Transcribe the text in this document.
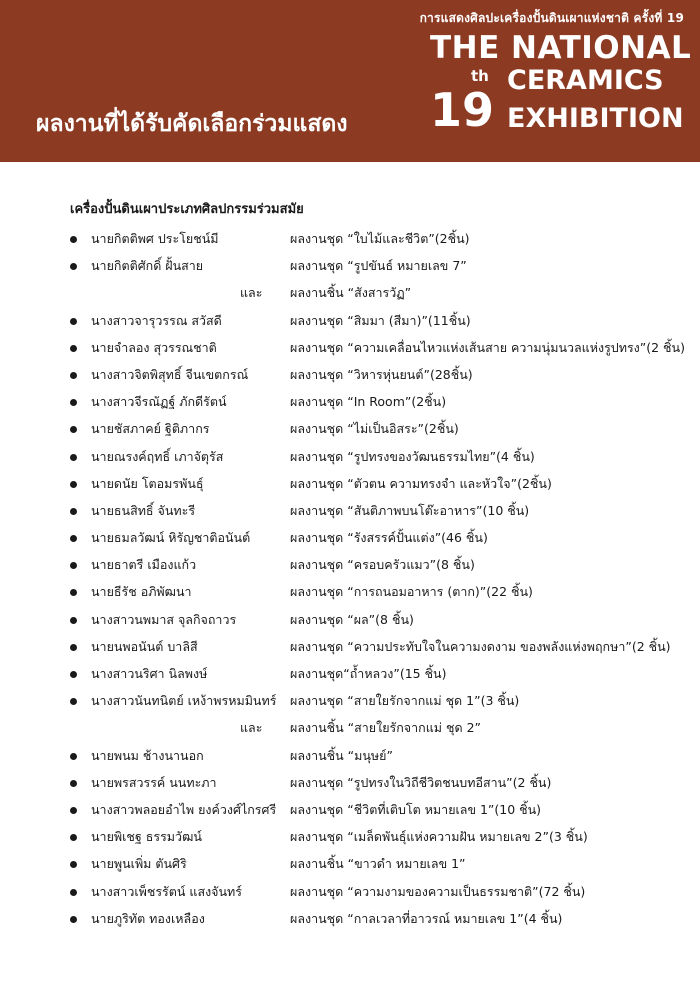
การแสดงศิลปะเครื่องปั้นดินเผาแห่งชาติ ครั้งที่ 19
ผลงานที่ได้รับคัดเลือกร่วมแสดง
THE NATIONAL
th
19
CERAMICS
EXHIBITION
เครื่องปั้นดินเผาประเภทศิลปกรรมร่วมสมัย
นายกิตติพศ ประโยชน์มี	ผลงานชุด “ใบไม้และชีวิต”(2ชิ้น)
นายกิตติศักดิ์ ฝั้นสาย	ผลงานชุด “รูปขันธ์ หมายเลข 7”
และ ผลงานชิ้น “สังสารวัฏ”
นางสาวจารุวรรณ สวัสดี	ผลงานชุด “สิมมา (สีมา)”(11ชิ้น)
นายจำลอง สุวรรณชาติ	ผลงานชุด “ความเคลื่อนไหวแห่งเส้นสาย ความนุ่มนวลแห่งรูปทรง”(2 ชิ้น)
นางสาวจิตพิสุทธิ์ จีนเขตกรณ์	ผลงานชุด “วิหารหุ่นยนต์”(28ชิ้น)
นางสาวจีรณัฏฐ์ ภักดีรัตน์	ผลงานชุด “In Room”(2ชิ้น)
นายชัสภาคย์ ฐิติภากร	ผลงานชุด “ไม่เป็นอิสระ”(2ชิ้น)
นายณรงค์ฤทธิ์ เภาจัตุรัส	ผลงานชุด “รูปทรงของวัฒนธรรมไทย”(4 ชิ้น)
นายดนัย โตอมรพันธุ์	ผลงานชุด “ตัวตน ความทรงจำ และหัวใจ”(2ชิ้น)
นายธนสิทธิ์ จันทะรี	ผลงานชุด “สันติภาพบนโต๊ะอาหาร”(10 ชิ้น)
นายธมลวัฒน์ หิรัญชาติอนันต์	ผลงานชุด “รังสรรค์ปั้นแต่ง”(46 ชิ้น)
นายธาตรี เมืองแก้ว	ผลงานชุด “ครอบครัวแมว”(8 ชิ้น)
นายธีรัช อภิพัฒนา	ผลงานชุด “การถนอมอาหาร (ตาก)”(22 ชิ้น)
นางสาวนพมาส จุลกิจถาวร	ผลงานชุด “ผล”(8 ชิ้น)
นายนพอนันต์ บาลิสี	ผลงานชุด “ความประทับใจในความงดงาม ของพลังแห่งพฤกษา”(2 ชิ้น)
นางสาวนริศา นิลพงษ์	ผลงานชุด“ถ้ำหลวง”(15 ชิ้น)
นางสาวนันทนิตย์ เหง้าพรหมมินทร์ ผลงานชุด “สายใยรักจากแม่ ชุด 1”(3 ชิ้น)
และ ผลงานชิ้น “สายใยรักจากแม่ ชุด 2”
นายพนม ช้างนานอก	ผลงานชิ้น “มนุษย์”
นายพรสวรรค์ นนทะภา	ผลงานชุด “รูปทรงในวิถีชีวิตชนบทอีสาน”(2 ชิ้น)
นางสาวพลอยอำไพ ยงค์วงศ์ไกรศรี ผลงานชุด “ชีวิตที่เติบโต หมายเลข 1”(10 ชิ้น)
นายพิเชฐ ธรรมวัฒน์	ผลงานชุด “เมล็ดพันธุ์แห่งความฝัน หมายเลข 2”(3 ชิ้น)
นายพูนเพิ่ม ตันศิริ	ผลงานชิ้น “ขาวดำ หมายเลข 1”
นางสาวเพ็ชรรัตน์ แสงจันทร์	ผลงานชุด “ความงามของความเป็นธรรมชาติ”(72 ชิ้น)
นายภูริทัต ทองเหลือง	ผลงานชุด “กาลเวลาที่อาวรณ์ หมายเลข 1”(4 ชิ้น)
